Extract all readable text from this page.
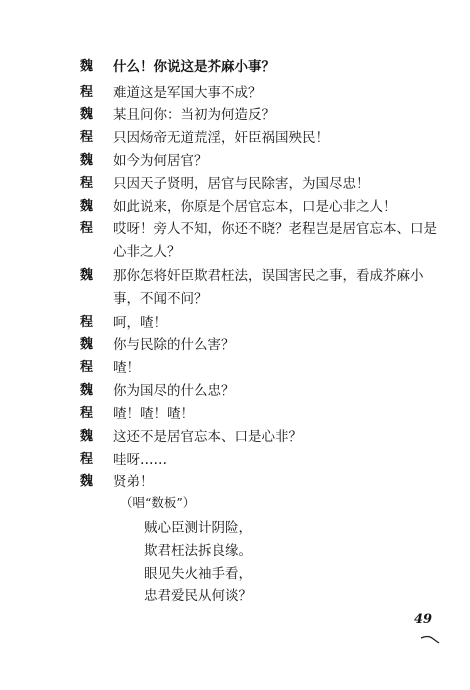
魏 什么！你说这是芥麻小事？
程 难道这是军国大事不成？
魏 某且问你：当初为何造反？
程 只因炀帝无道荒淫，奸臣祸国殃民！
魏 如今为何居官？
程 只因天子贤明，居官与民除害，为国尽忠！
魏 如此说来，你原是个居官忘本，口是心非之人！
程 哎呀！旁人不知，你还不晓？老程岂是居官忘本、口是
心非之人？
魏 那你怎将奸臣欺君枉法，误国害民之事，看成芥麻小
事，不闻不问？
程 呵，喳！
魏 你与民除的什么害？
程 喳！
魏 你为国尽的什么忠？
程 喳！喳！喳！
魏 这还不是居官忘本、口是心非？
程 哇呀……
魏 贤弟！
（唱“数板”）
贼心臣测计阴险，
欺君枉法拆良缘。
眼见失火袖手看，
忠君爱民从何谈？
49
